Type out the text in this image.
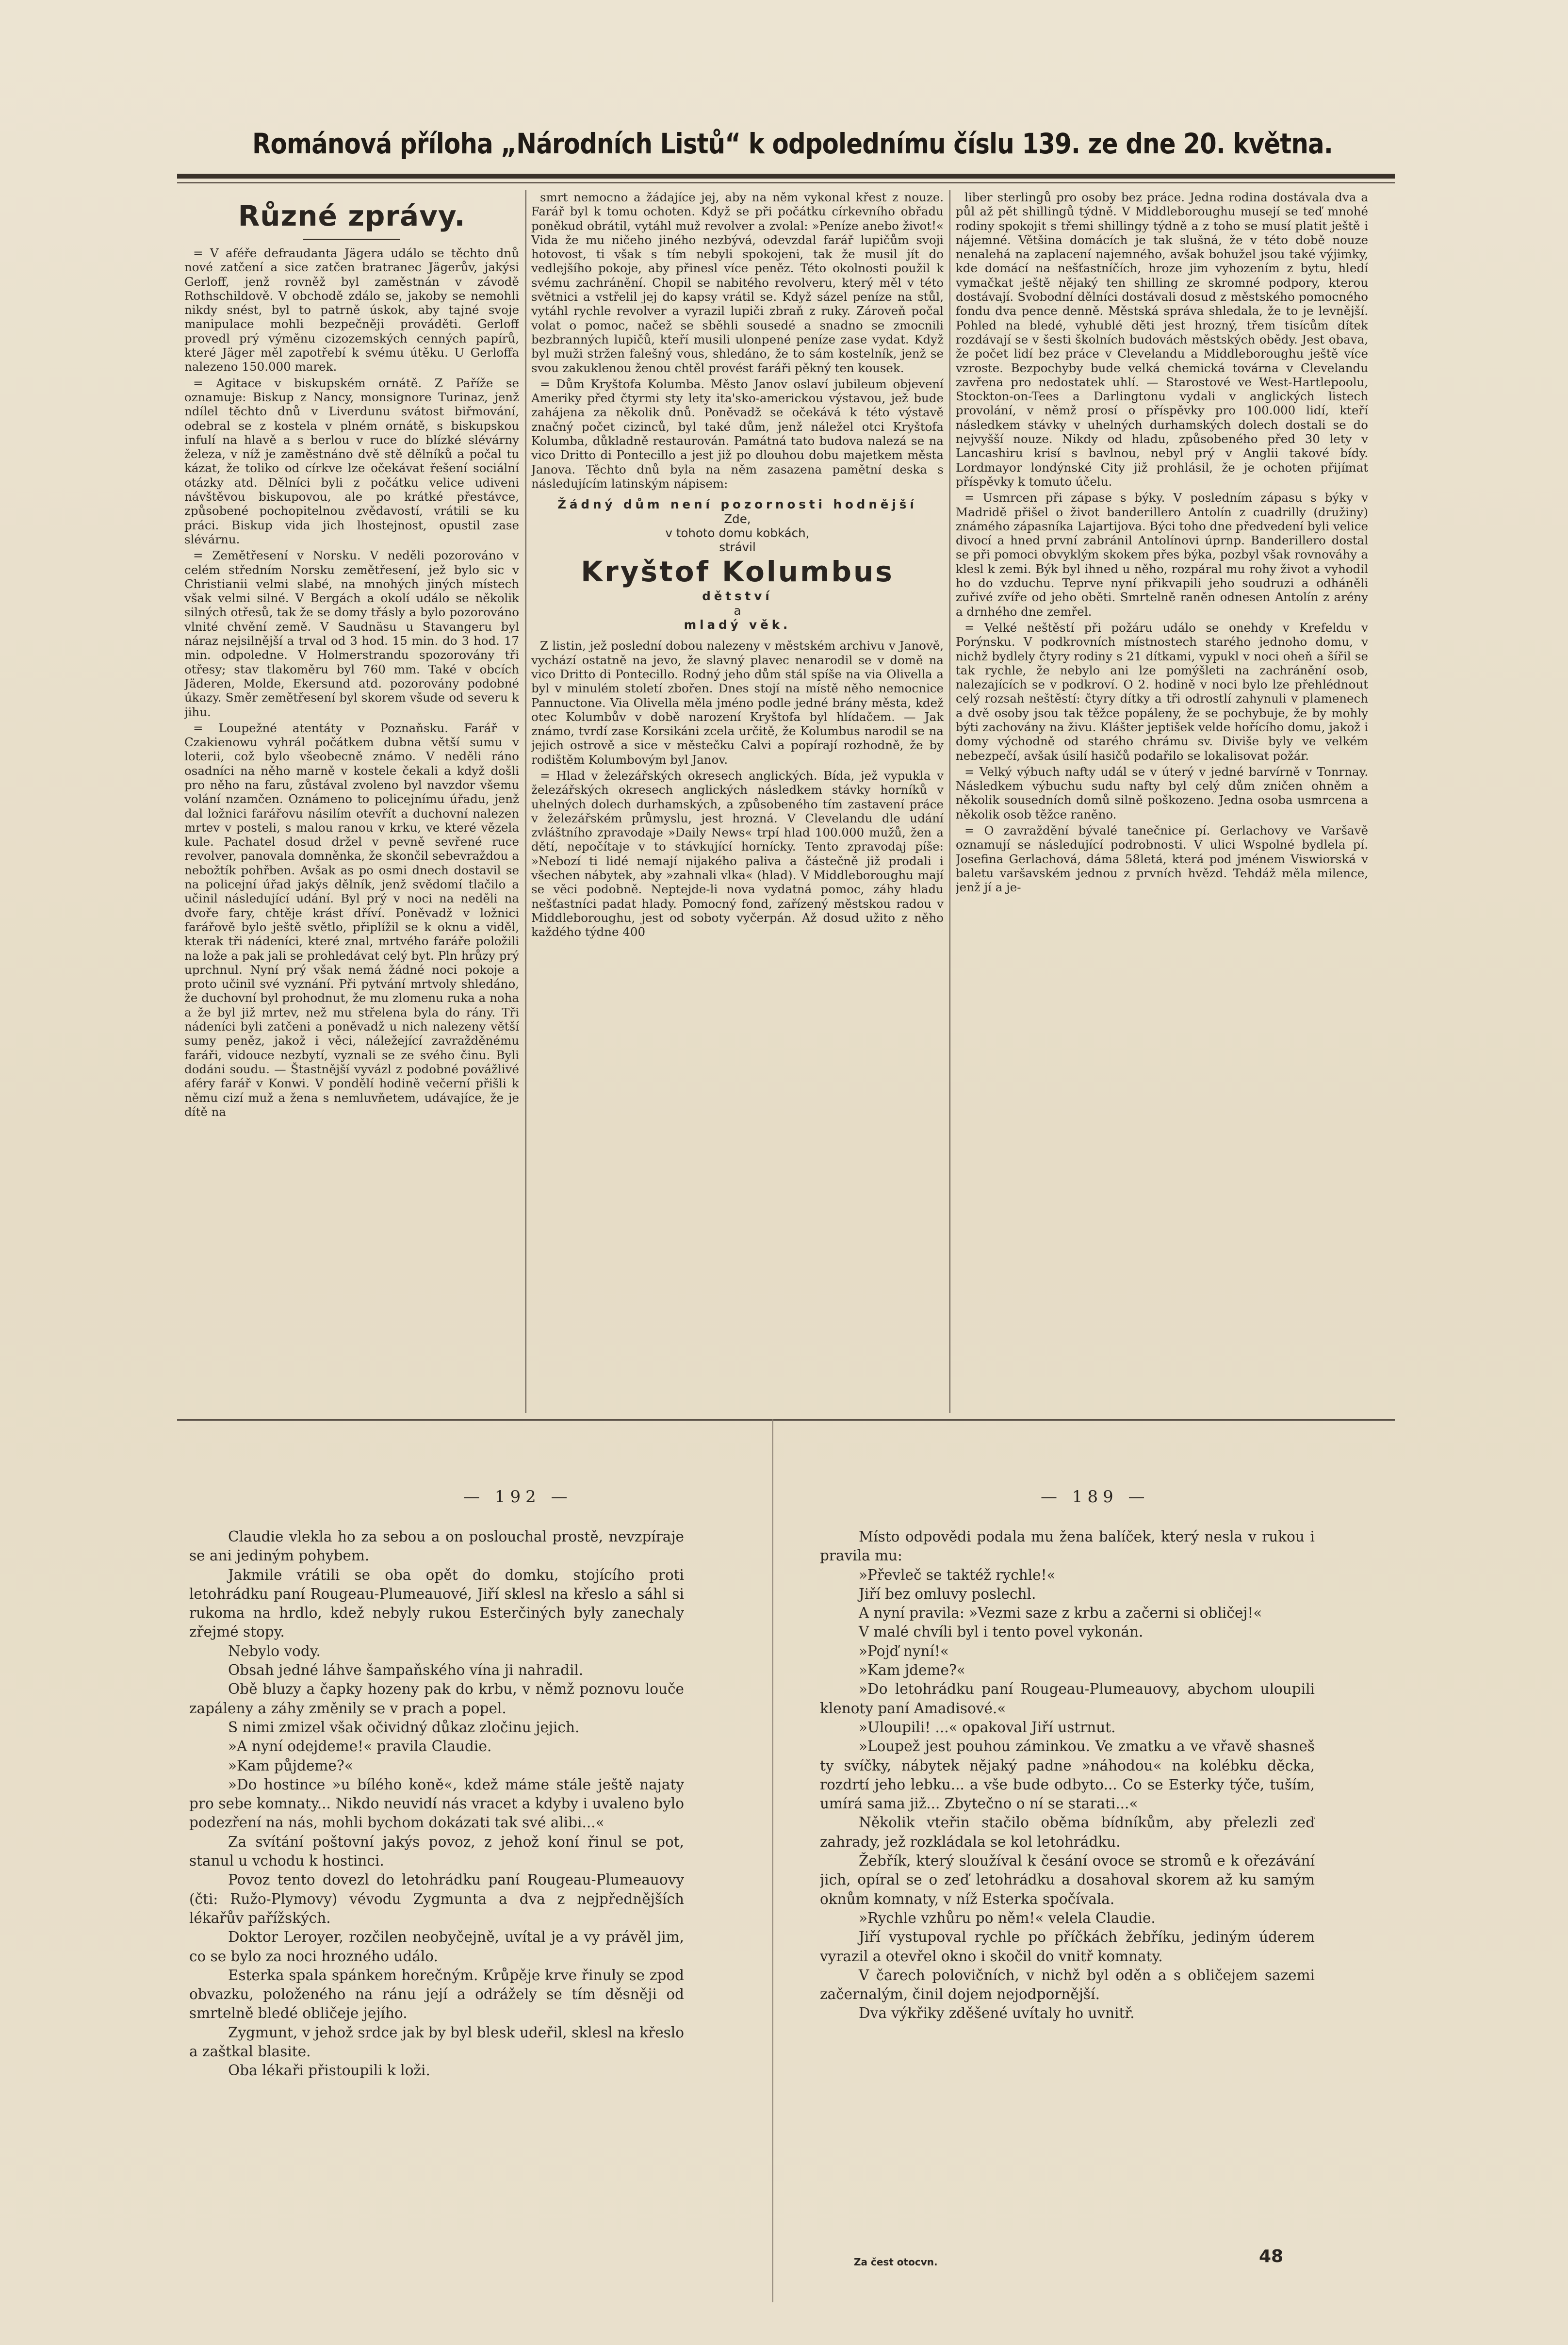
Románová příloha „Národních Listů“ k odpolednímu číslu 139. ze dne 20. května.
Různé zprávy.

= V aféře defraudanta Jägera událo se těchto dnů nové zatčení a sice zatčen bratranec Jägerův, jakýsi Gerloff, jenž rovněž byl zaměstnán v závodě Rothschildově. V obchodě zdálo se, jakoby se nemohli nikdy snést, byl to patrně úskok, aby tajné svoje manipulace mohli bezpečněji prováděti. Gerloff provedl prý výměnu cizozemských cenných papírů, které Jäger měl zapotřebí k svému útěku. U Gerloffa nalezeno 150.000 marek.

= Agitace v biskupském ornátě. Z Paříže se oznamuje: Biskup z Nancy, monsignore Turinaz, jenž ndílel těchto dnů v Liverdunu svátost biřmování, odebral se z kostela v plném ornátě, s biskupskou infulí na hlavě a s berlou v ruce do blízké slévárny železa, v níž je zaměstnáno dvě stě dělníků a počal tu kázat, že toliko od církve lze očekávat řešení sociální otázky atd. Dělníci byli z počátku velice udiveni návštěvou biskupovou, ale po krátké přestávce, způsobené pochopitelnou zvědavostí, vrátili se ku práci. Biskup vida jich lhostejnost, opustil zase slévárnu.

= Zemětřesení v Norsku. V neděli pozorováno v celém středním Norsku zemětřesení, jež bylo sic v Christianii velmi slabé, na mnohých jiných místech však velmi silné. V Bergách a okolí událo se několik silných otřesů, tak že se domy třásly a bylo pozorováno vlnité chvění země. V Saudnäsu u Stavangeru byl náraz nejsilnější a trval od 3 hod. 15 min. do 3 hod. 17 min. odpoledne. V Holmerstrandu spozorovány tři otřesy; stav tlakoměru byl 760 mm. Také v obcích Jäderen, Molde, Ekersund atd. pozorovány podobné úkazy. Směr zemětřesení byl skorem všude od severu k jihu.

= Loupežné atentáty v Poznaňsku. Farář v Czakienowu vyhrál počátkem dubna větší sumu v loterii, což bylo všeobecně známo. V neděli ráno osadníci na něho marně v kostele čekali a když došli pro něho na faru, zůstával zvoleno byl navzdor všemu volání nzamčen. Oznámeno to policejnímu úřadu, jenž dal ložnici farářovu násilím otevřít a duchovní nalezen mrtev v posteli, s malou ranou v krku, ve které vězela kule. Pachatel dosud držel v pevně sevřené ruce revolver, panovala domněnka, že skončil sebevraždou a nebožtík pohřben. Avšak as po osmi dnech dostavil se na policejní úřad jakýs dělník, jenž svědomí tlačilo a učinil následující udání. Byl prý v noci na neděli na dvoře fary, chtěje krást dříví. Poněvadž v ložnici farářově bylo ještě světlo, připlížil se k oknu a viděl, kterak tři nádeníci, které znal, mrtvého faráře položili na lože a pak jali se prohledávat celý byt. Pln hrůzy prý uprchnul. Nyní prý však nemá žádné noci pokoje a proto učinil své vyznání. Při pytvání mrtvoly shledáno, že duchovní byl prohodnut, že mu zlomenu ruka a noha a že byl již mrtev, než mu střelena byla do rány. Tři nádeníci byli zatčeni a poněvadž u nich nalezeny větší sumy peněz, jakož i věci, náležející zavražděnému faráři, vidouce nezbytí, vyznali se ze svého činu. Byli dodáni soudu. — Štastnější vyvázl z podobné povážlivé aféry farář v Konwi. V pondělí hodině večerní přišli k němu cizí muž a žena s nemluvňetem, udávajíce, že je dítě na

smrt nemocno a žádajíce jej, aby na něm vykonal křest z nouze. Farář byl k tomu ochoten. Když se při počátku církevního obřadu poněkud obrátil, vytáhl muž revolver a zvolal: »Peníze anebo život!« Vida že mu ničeho jiného nezbývá, odevzdal farář lupičům svoji hotovost, ti však s tím nebyli spokojeni, tak že musil jít do vedlejšího pokoje, aby přinesl více peněz. Této okolnosti použil k svému zachránění. Chopil se nabitého revolveru, který měl v této světnici a vstřelil jej do kapsy vrátil se. Když sázel peníze na stůl, vytáhl rychle revolver a vyrazil lupiči zbraň z ruky. Zároveň počal volat o pomoc, načež se sběhli sousedé a snadno se zmocnili bezbranných lupičů, kteří musili ulonpené peníze zase vydat. Když byl muži stržen falešný vous, shledáno, že to sám kostelník, jenž se svou zakuklenou ženou chtěl provést faráři pěkný ten kousek.

= Dům Kryštofa Kolumba. Město Janov oslaví jubileum objevení Ameriky před čtyrmi sty lety ita'sko-americkou výstavou, jež bude zahájena za několik dnů. Poněvadž se očekává k této výstavě značný počet cizinců, byl také dům, jenž náležel otci Kryštofa Kolumba, důkladně restaurován. Památná tato budova nalezá se na vico Dritto di Pontecillo a jest již po dlouhou dobu majetkem města Janova. Těchto dnů byla na něm zasazena pamětní deska s následujícím latinským nápisem:

Žádný dům není pozornosti hodnější
Zde,
v tohoto domu kobkách,
strávil
Kryštof Kolumbus
dětství
a
mladý věk.

Z listin, jež poslední dobou nalezeny v městském archivu v Janově, vychází ostatně na jevo, že slavný plavec nenarodil se v domě na vico Dritto di Pontecillo. Rodný jeho dům stál spíše na via Olivella a byl v minulém století zbořen. Dnes stojí na místě něho nemocnice Pannuctone. Via Olivella měla jméno podle jedné brány města, kdež otec Kolumbův v době narození Kryštofa byl hlídačem. — Jak známo, tvrdí zase Korsikáni zcela určitě, že Kolumbus narodil se na jejich ostrově a sice v městečku Calvi a popírají rozhodně, že by rodištěm Kolumbovým byl Janov.

= Hlad v železářských okresech anglických. Bída, jež vypukla v železářských okresech anglických následkem stávky horníků v uhelných dolech durhamských, a způsobeného tím zastavení práce v železářském průmyslu, jest hrozná. V Clevelandu dle udání zvláštního zpravodaje »Daily News« trpí hlad 100.000 mužů, žen a dětí, nepočítaje v to stávkující hornícky. Tento zpravodaj píše: »Nebozí ti lidé nemají nijakého paliva a částečně již prodali i všechen nábytek, aby »zahnali vlka« (hlad). V Middleboroughu mají se věci podobně. Neptejde-li nova vydatná pomoc, záhy hladu nešťastníci padat hlady. Pomocný fond, zařízený městskou radou v Middleboroughu, jest od soboty vyčerpán. Až dosud užito z něho každého týdne 400

liber sterlingů pro osoby bez práce. Jedna rodina dostávala dva a půl až pět shillingů týdně. V Middleboroughu musejí se teď mnohé rodiny spokojit s třemi shillingy týdně a z toho se musí platit ještě i nájemné. Většina domácích je tak slušná, že v této době nouze nenalehá na zaplacení najemného, avšak bohužel jsou také výjimky, kde domácí na nešťastníčích, hroze jim vyhozením z bytu, hledí vymačkat ještě nějaký ten shilling ze skromné podpory, kterou dostávají. Svobodní dělníci dostávali dosud z městského pomocného fondu dva pence denně. Městská správa shledala, že to je levnější. Pohled na bledé, vyhublé děti jest hrozný, třem tisícům dítek rozdávají se v šesti školních budovách městských obědy. Jest obava, že počet lidí bez práce v Clevelandu a Middleboroughu ještě více vzroste. Bezpochyby bude velká chemická továrna v Clevelandu zavřena pro nedostatek uhlí. — Starostové ve West-Hartlepoolu, Stockton-on-Tees a Darlingtonu vydali v anglických listech provolání, v němž prosí o příspěvky pro 100.000 lidí, kteří následkem stávky v uhelných durhamských dolech dostali se do nejvyšší nouze. Nikdy od hladu, způsobeného před 30 lety v Lancashiru krisí s bavlnou, nebyl prý v Anglii takové bídy. Lordmayor londýnské City již prohlásil, že je ochoten přijímat příspěvky k tomuto účelu.

= Usmrcen při zápase s býky. V posledním zápasu s býky v Madridě přišel o život banderillero Antolín z cuadrilly (družiny) známého zápasníka Lajartijova. Býci toho dne předvedení byli velice divocí a hned první zabránil Antolínovi úprnp. Banderillero dostal se při pomoci obvyklým skokem přes býka, pozbyl však rovnováhy a klesl k zemi. Býk byl ihned u něho, rozpáral mu rohy život a vyhodil ho do vzduchu. Teprve nyní přikvapili jeho soudruzi a odháněli zuřivé zvíře od jeho oběti. Smrtelně raněn odnesen Antolín z arény a drnhého dne zemřel.

= Velké neštěstí při požáru událo se onehdy v Krefeldu v Porýnsku. V podkrovních místnostech starého jednoho domu, v nichž bydlely čtyry rodiny s 21 dítkami, vypukl v noci oheň a šířil se tak rychle, že nebylo ani lze pomýšleti na zachránění osob, nalezajících se v podkroví. O 2. hodině v noci bylo lze přehlédnout celý rozsah neštěstí: čtyry dítky a tři odrostlí zahynuli v plamenech a dvě osoby jsou tak těžce popáleny, že se pochybuje, že by mohly býti zachovány na živu. Klášter jeptišek velde hořícího domu, jakož i domy východně od starého chrámu sv. Diviše byly ve velkém nebezpečí, avšak úsilí hasičů podařilo se lokalisovat požár.

= Velký výbuch nafty udál se v úterý v jedné barvírně v Tonrnay. Následkem výbuchu sudu nafty byl celý dům zničen ohněm a několik sousedních domů silně poškozeno. Jedna osoba usmrcena a několik osob těžce raněno.

= O zavraždění bývalé tanečnice pí. Gerlachovy ve Varšavě oznamují se následující podrobnosti. V ulici Wspolné bydlela pí. Josefina Gerlachová, dáma 58letá, která pod jménem Viswiorská v baletu varšavském jednou z prvních hvězd. Tehdáž měla milence, jenž jí a je-

— 192 —	— 189 —

Claudie vlekla ho za sebou a on poslouchal prostě, nevzpíraje se ani jediným pohybem.

Jakmile vrátili se oba opět do domku, stojícího proti letohrádku paní Rougeau-Plumeauové, Jiří sklesl na křeslo a sáhl si rukoma na hrdlo, kdež nebyly rukou Esterčiných byly zanechaly zřejmé stopy.

Nebylo vody.

Obsah jedné láhve šampaňského vína ji nahradil.

Obě bluzy a čapky hozeny pak do krbu, v němž poznovu louče zapáleny a záhy změnily se v prach a popel.

S nimi zmizel však očividný důkaz zločinu jejich.

»A nyní odejdeme!« pravila Claudie.

»Kam půjdeme?«

»Do hostince »u bílého koně«, kdež máme stále ještě najaty pro sebe komnaty... Nikdo neuvidí nás vracet a kdyby i uvaleno bylo podezření na nás, mohli bychom dokázati tak své alibi...«

Za svítání poštovní jakýs povoz, z jehož koní řinul se pot, stanul u vchodu k hostinci.

Povoz tento dovezl do letohrádku paní Rougeau-Plumeauovy (čti: Ružo-Plymovy) vévodu Zygmunta a dva z nejpřednějších lékařův pařížských.

Doktor Leroyer, rozčilen neobyčejně, uvítal je a vy právěl jim, co se bylo za noci hrozného událo.

Esterka spala spánkem horečným. Krůpěje krve řinuly se zpod obvazku, položeného na ránu její a odrážely se tím děsněji od smrtelně bledé obličeje jejího.

Zygmunt, v jehož srdce jak by byl blesk udeřil, sklesl na křeslo a zaštkal blasite.

Oba lékaři přistoupili k loži.

Místo odpovědi podala mu žena balíček, který nesla v rukou i pravila mu:

»Převleč se taktéž rychle!«

Jiří bez omluvy poslechl.

A nyní pravila: »Vezmi saze z krbu a začerni si obličej!«

V malé chvíli byl i tento povel vykonán.

»Pojď nyní!«

»Kam jdeme?«

»Do letohrádku paní Rougeau-Plumeauovy, abychom uloupili klenoty paní Amadisové.«

»Uloupili! ...« opakoval Jiří ustrnut.

»Loupež jest pouhou záminkou. Ve zmatku a ve vřavě shasneš ty svíčky, nábytek nějaký padne »náhodou« na kolébku děcka, rozdrtí jeho lebku... a vše bude odbyto... Co se Esterky týče, tuším, umírá sama již... Zbytečno o ní se starati...«

Několik vteřin stačilo oběma bídníkům, aby přelezli zeď zahrady, jež rozkládala se kol letohrádku.

Žebřík, který sloužíval k česání ovoce se stromů e k ořezávání jich, opíral se o zeď letohrádku a dosahoval skorem až ku samým oknům komnaty, v níž Esterka spočívala.

»Rychle vzhůru po něm!« velela Claudie.

Jiří vystupoval rychle po příčkách žebříku, jediným úderem vyrazil a otevřel okno i skočil do vnitř komnaty.

V čarech polovičních, v nichž byl oděn a s obličejem sazemi začernalým, činil dojem nejodpornější.

Dva výkřiky zděšené uvítaly ho uvnitř.

Za čest otocvn.	48
